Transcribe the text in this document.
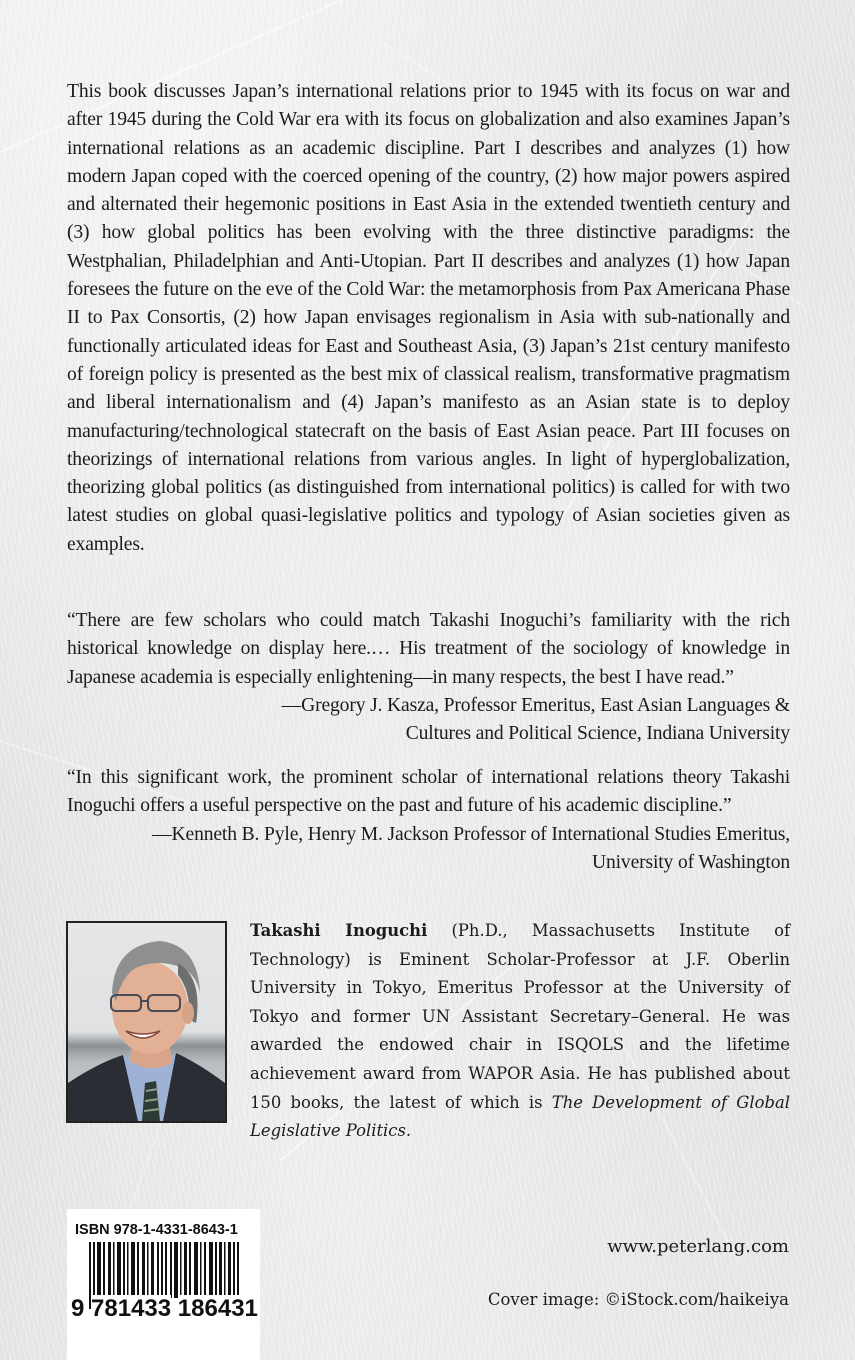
This book discusses Japan’s international relations prior to 1945 with its focus on war and after 1945 during the Cold War era with its focus on globalization and also examines Japan’s international relations as an academic discipline. Part I describes and analyzes (1) how modern Japan coped with the coerced opening of the country, (2) how major powers aspired and alternated their hegemonic positions in East Asia in the extended twentieth century and (3) how global politics has been evolving with the three distinctive paradigms: the Westphalian, Philadelphian and Anti-Utopian. Part II describes and analyzes (1) how Japan foresees the future on the eve of the Cold War: the metamorphosis from Pax Americana Phase II to Pax Consortis, (2) how Japan envisages regionalism in Asia with sub-nationally and functionally articulated ideas for East and Southeast Asia, (3) Japan’s 21st century manifesto of foreign policy is presented as the best mix of classical realism, transformative pragmatism and liberal internationalism and (4) Japan’s manifesto as an Asian state is to deploy manufacturing/technological statecraft on the basis of East Asian peace. Part III focuses on theorizings of international relations from various angles. In light of hyperglobalization, theorizing global politics (as distinguished from international politics) is called for with two latest studies on global quasi-legislative politics and typology of Asian societies given as examples.
“There are few scholars who could match Takashi Inoguchi’s familiarity with the rich historical knowledge on display here.… His treatment of the sociology of knowledge in Japanese academia is especially enlightening—in many respects, the best I have read.”
—Gregory J. Kasza, Professor Emeritus, East Asian Languages &
Cultures and Political Science, Indiana University
“In this significant work, the prominent scholar of international relations theory Takashi Inoguchi offers a useful perspective on the past and future of his academic discipline.”
—Kenneth B. Pyle, Henry M. Jackson Professor of International Studies Emeritus,
University of Washington
Takashi Inoguchi (Ph.D., Massachusetts Institute of Technology) is Eminent Scholar-Professor at J.F. Oberlin University in Tokyo, Emeritus Professor at the University of Tokyo and former UN Assistant Secretary–General. He was awarded the endowed chair in ISQOLS and the lifetime achievement award from WAPOR Asia. He has published about 150 books, the latest of which is The Development of Global Legislative Politics.
ISBN 978-1-4331-8643-1
9 781433 186431
www.peterlang.com
Cover image: ©iStock.com/haikeiya
